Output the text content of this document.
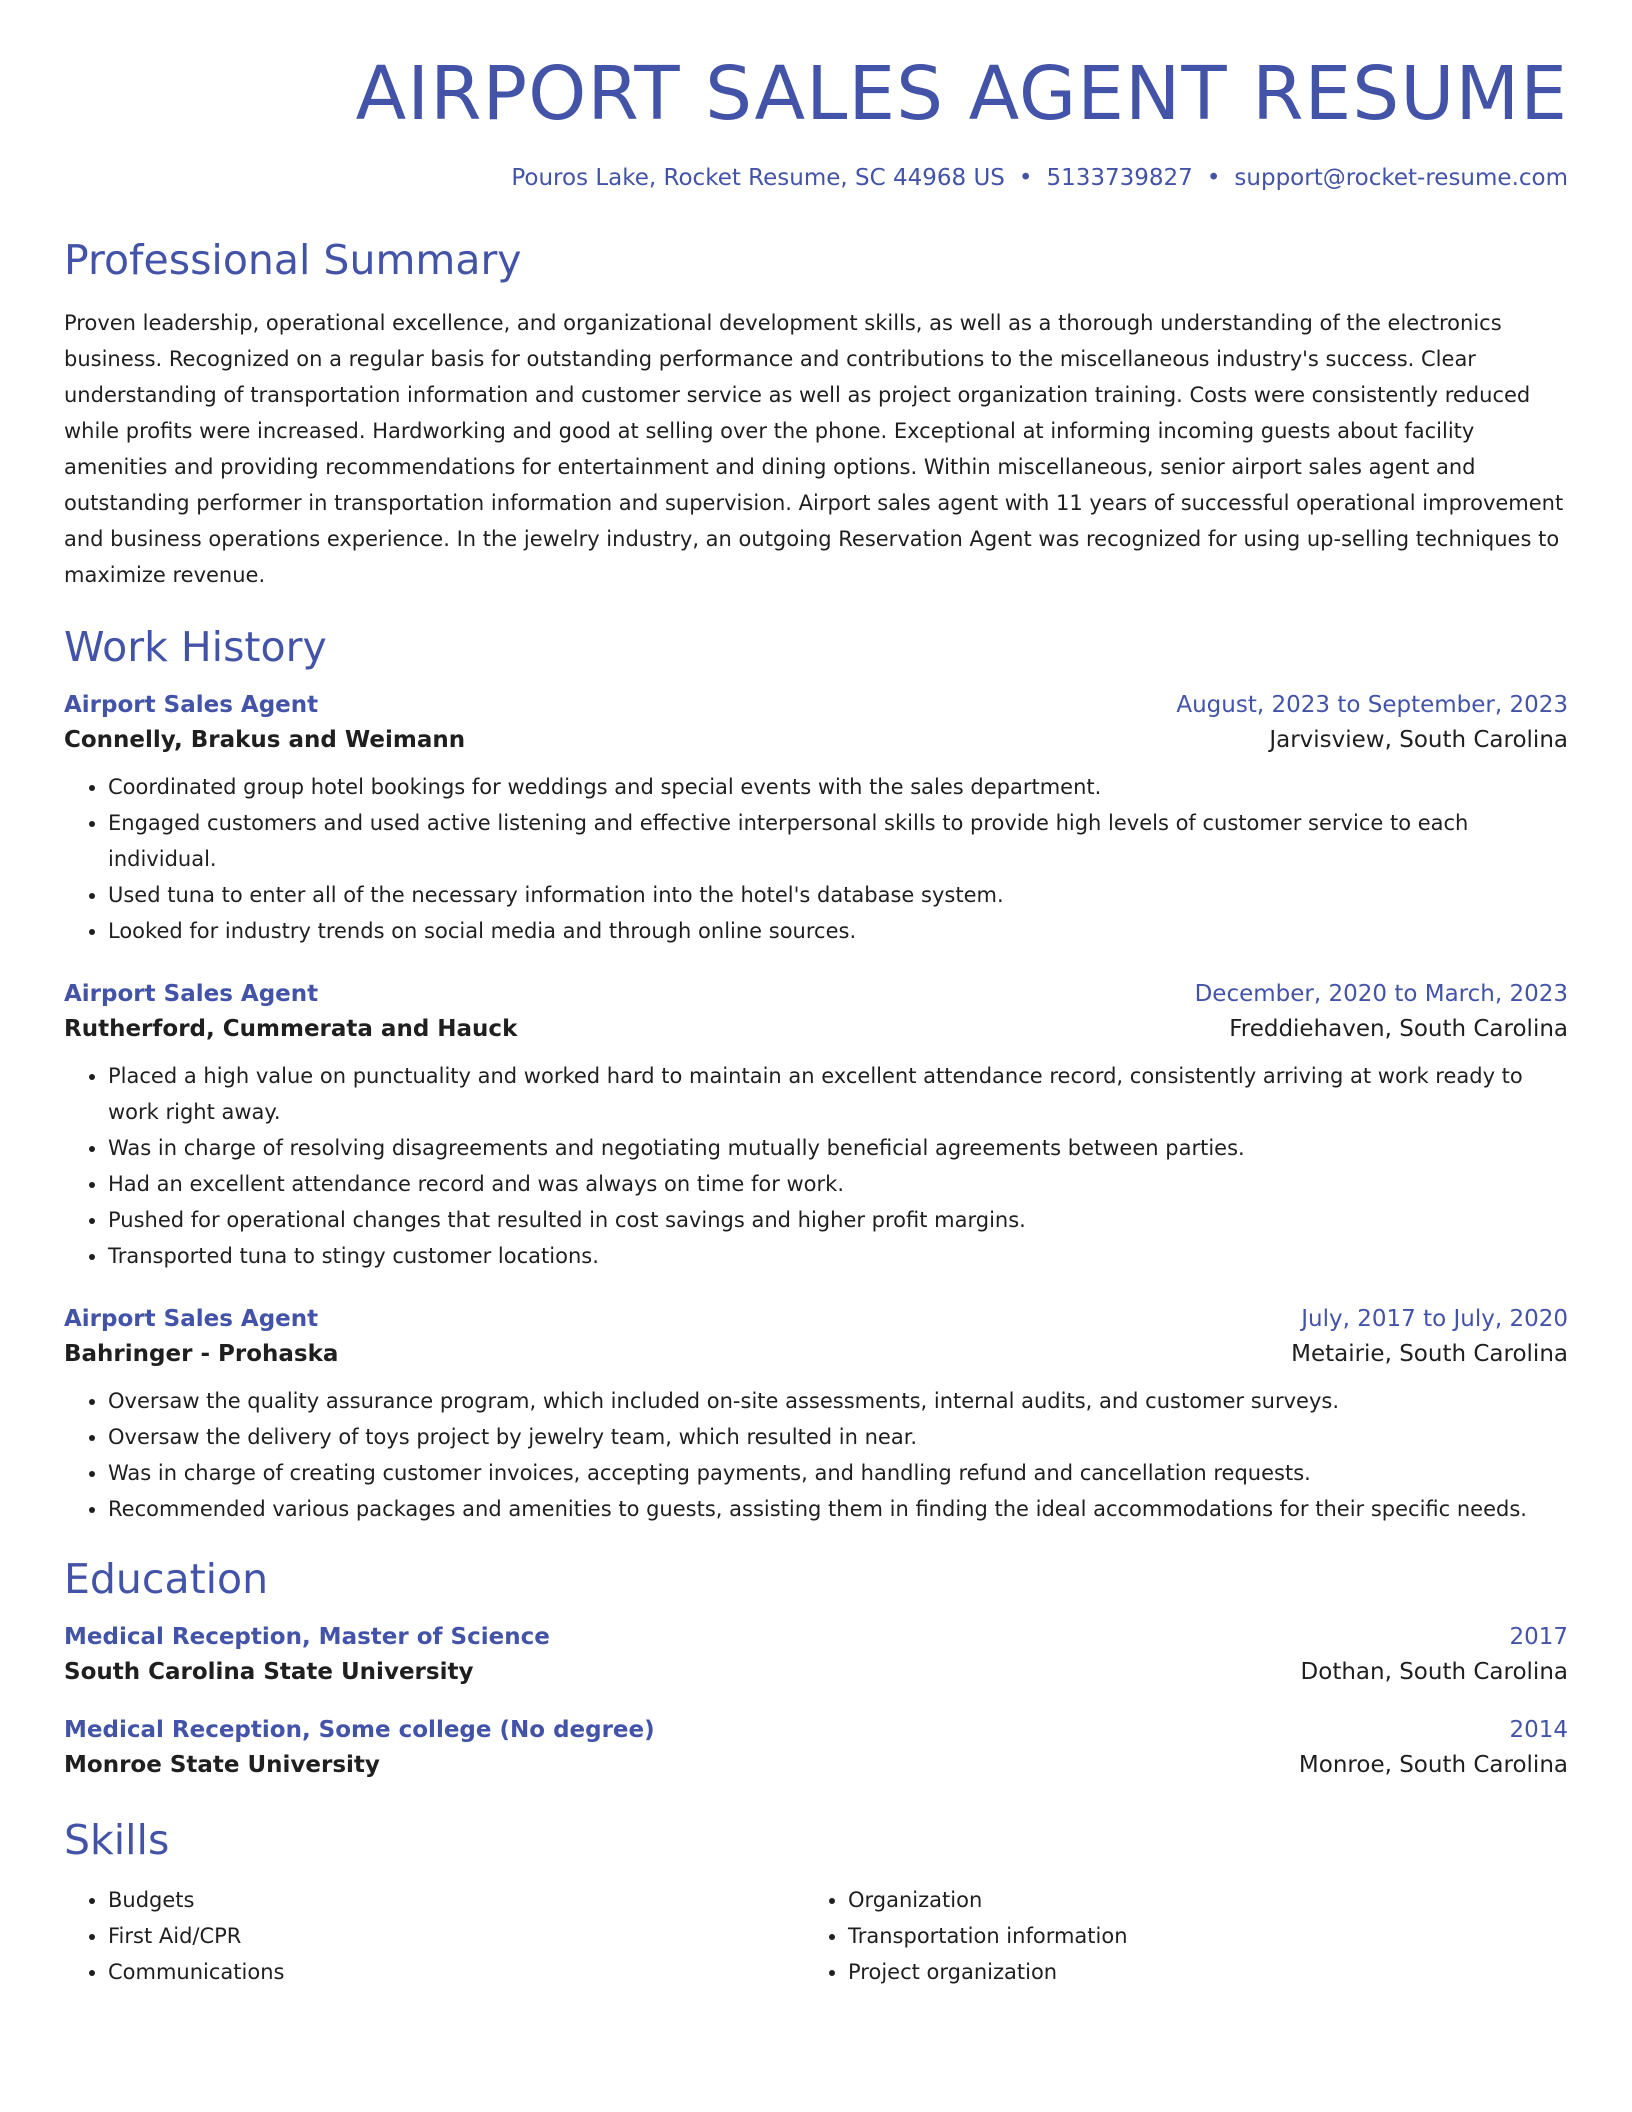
AIRPORT SALES AGENT RESUME
Pouros Lake, Rocket Resume, SC 44968 US • 5133739827 • support@rocket-resume.com
Professional Summary

Proven leadership, operational excellence, and organizational development skills, as well as a thorough understanding of the electronics business. Recognized on a regular basis for outstanding performance and contributions to the miscellaneous industry's success. Clear understanding of transportation information and customer service as well as project organization training. Costs were consistently reduced while profits were increased. Hardworking and good at selling over the phone. Exceptional at informing incoming guests about facility amenities and providing recommendations for entertainment and dining options. Within miscellaneous, senior airport sales agent and outstanding performer in transportation information and supervision. Airport sales agent with 11 years of successful operational improvement and business operations experience. In the jewelry industry, an outgoing Reservation Agent was recognized for using up-selling techniques to maximize revenue.

Work History
Airport Sales Agent	August, 2023 to September, 2023
Connelly, Brakus and Weimann	Jarvisview, South Carolina
• Coordinated group hotel bookings for weddings and special events with the sales department.
• Engaged customers and used active listening and effective interpersonal skills to provide high levels of customer service to each individual.
• Used tuna to enter all of the necessary information into the hotel's database system.
• Looked for industry trends on social media and through online sources.
Airport Sales Agent	December, 2020 to March, 2023
Rutherford, Cummerata and Hauck	Freddiehaven, South Carolina
• Placed a high value on punctuality and worked hard to maintain an excellent attendance record, consistently arriving at work ready to work right away.
• Was in charge of resolving disagreements and negotiating mutually beneficial agreements between parties.
• Had an excellent attendance record and was always on time for work.
• Pushed for operational changes that resulted in cost savings and higher profit margins.
• Transported tuna to stingy customer locations.
Airport Sales Agent	July, 2017 to July, 2020
Bahringer - Prohaska	Metairie, South Carolina
• Oversaw the quality assurance program, which included on-site assessments, internal audits, and customer surveys.
• Oversaw the delivery of toys project by jewelry team, which resulted in near.
• Was in charge of creating customer invoices, accepting payments, and handling refund and cancellation requests.
• Recommended various packages and amenities to guests, assisting them in finding the ideal accommodations for their specific needs.
Education
Medical Reception, Master of Science	2017
South Carolina State University	Dothan, South Carolina
Medical Reception, Some college (No degree)	2014
Monroe State University	Monroe, South Carolina
Skills
• Budgets
• First Aid/CPR
• Communications
• Organization
• Transportation information
• Project organization
